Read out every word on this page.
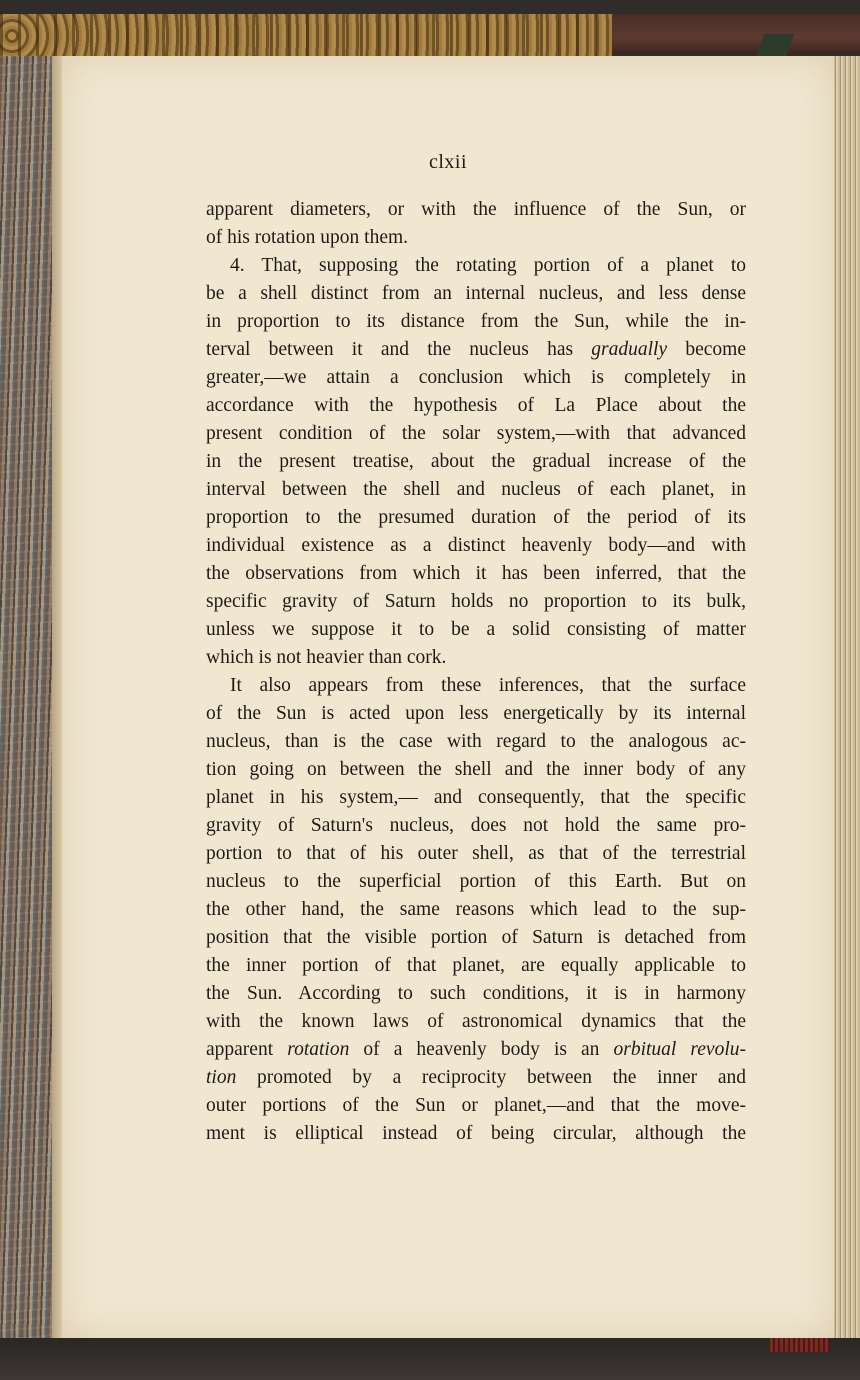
clxii
apparent diameters, or with the influence of the Sun, or
of his rotation upon them.
4. That, supposing the rotating portion of a planet to
be a shell distinct from an internal nucleus, and less dense
in proportion to its distance from the Sun, while the in-
terval between it and the nucleus has gradually become
greater,—we attain a conclusion which is completely in
accordance with the hypothesis of La Place about the
present condition of the solar system,—with that advanced
in the present treatise, about the gradual increase of the
interval between the shell and nucleus of each planet, in
proportion to the presumed duration of the period of its
individual existence as a distinct heavenly body—and with
the observations from which it has been inferred, that the
specific gravity of Saturn holds no proportion to its bulk,
unless we suppose it to be a solid consisting of matter
which is not heavier than cork.
It also appears from these inferences, that the surface
of the Sun is acted upon less energetically by its internal
nucleus, than is the case with regard to the analogous ac-
tion going on between the shell and the inner body of any
planet in his system,— and consequently, that the specific
gravity of Saturn's nucleus, does not hold the same pro-
portion to that of his outer shell, as that of the terrestrial
nucleus to the superficial portion of this Earth. But on
the other hand, the same reasons which lead to the sup-
position that the visible portion of Saturn is detached from
the inner portion of that planet, are equally applicable to
the Sun. According to such conditions, it is in harmony
with the known laws of astronomical dynamics that the
apparent rotation of a heavenly body is an orbitual revolu-
tion promoted by a reciprocity between the inner and
outer portions of the Sun or planet,—and that the move-
ment is elliptical instead of being circular, although the
